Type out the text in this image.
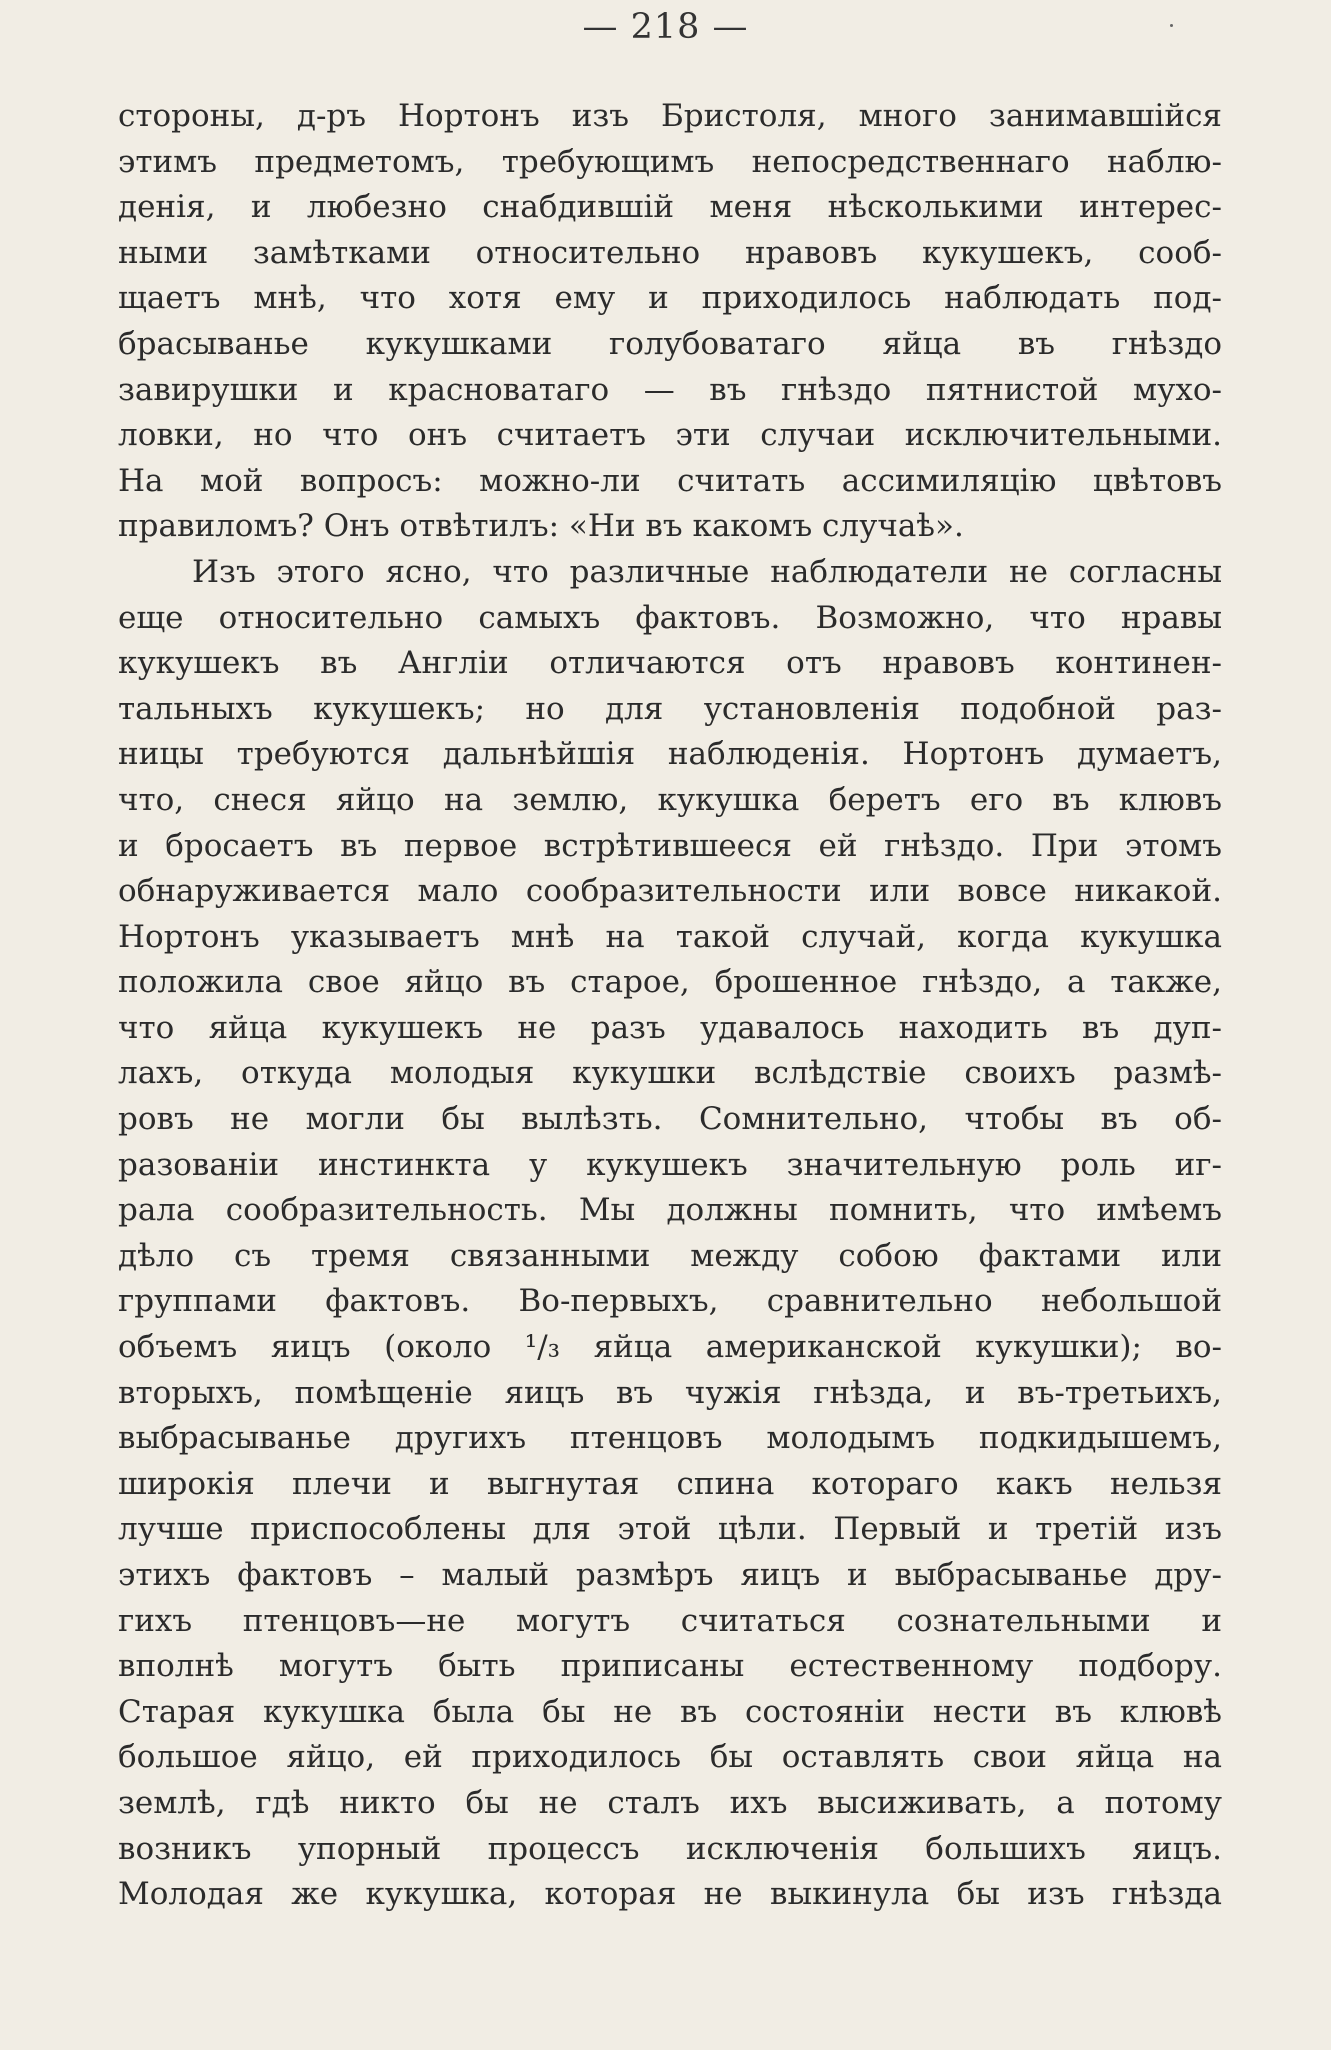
— 218 —
стороны, д-ръ Нортонъ изъ Бристоля, много занимавшійся
этимъ предметомъ, требующимъ непосредственнаго наблю-
денія, и любезно снабдившій меня нѣсколькими интерес-
ными замѣтками относительно нравовъ кукушекъ, сооб-
щаетъ мнѣ, что хотя ему и приходилось наблюдать под-
брасыванье кукушками голубоватаго яйца въ гнѣздо
завирушки и красноватаго — въ гнѣздо пятнистой мухо-
ловки, но что онъ считаетъ эти случаи исключительными.
На мой вопросъ: можно-ли считать ассимиляцію цвѣтовъ
правиломъ? Онъ отвѣтилъ: «Ни въ какомъ случаѣ».
Изъ этого ясно, что различные наблюдатели не согласны
еще относительно самыхъ фактовъ. Возможно, что нравы
кукушекъ въ Англіи отличаются отъ нравовъ континен-
тальныхъ кукушекъ; но для установленія подобной раз-
ницы требуются дальнѣйшія наблюденія. Нортонъ думаетъ,
что, снеся яйцо на землю, кукушка беретъ его въ клювъ
и бросаетъ въ первое встрѣтившееся ей гнѣздо. При этомъ
обнаруживается мало сообразительности или вовсе никакой.
Нортонъ указываетъ мнѣ на такой случай, когда кукушка
положила свое яйцо въ старое, брошенное гнѣздо, а также,
что яйца кукушекъ не разъ удавалось находить въ дуп-
лахъ, откуда молодыя кукушки вслѣдствіе своихъ размѣ-
ровъ не могли бы вылѣзть. Сомнительно, чтобы въ об-
разованіи инстинкта у кукушекъ значительную роль иг-
рала сообразительность. Мы должны помнить, что имѣемъ
дѣло съ тремя связанными между собою фактами или
группами фактовъ. Во-первыхъ, сравнительно небольшой
объемъ яицъ (около ¹/₃ яйца американской кукушки); во-
вторыхъ, помѣщеніе яицъ въ чужія гнѣзда, и въ-третьихъ,
выбрасыванье другихъ птенцовъ молодымъ подкидышемъ,
широкія плечи и выгнутая спина котораго какъ нельзя
лучше приспособлены для этой цѣли. Первый и третій изъ
этихъ фактовъ – малый размѣръ яицъ и выбрасыванье дру-
гихъ птенцовъ—не могутъ считаться сознательными и
вполнѣ могутъ быть приписаны естественному подбору.
Старая кукушка была бы не въ состояніи нести въ клювѣ
большое яйцо, ей приходилось бы оставлять свои яйца на
землѣ, гдѣ никто бы не сталъ ихъ высиживать, а потому
возникъ упорный процессъ исключенія большихъ яицъ.
Молодая же кукушка, которая не выкинула бы изъ гнѣзда
